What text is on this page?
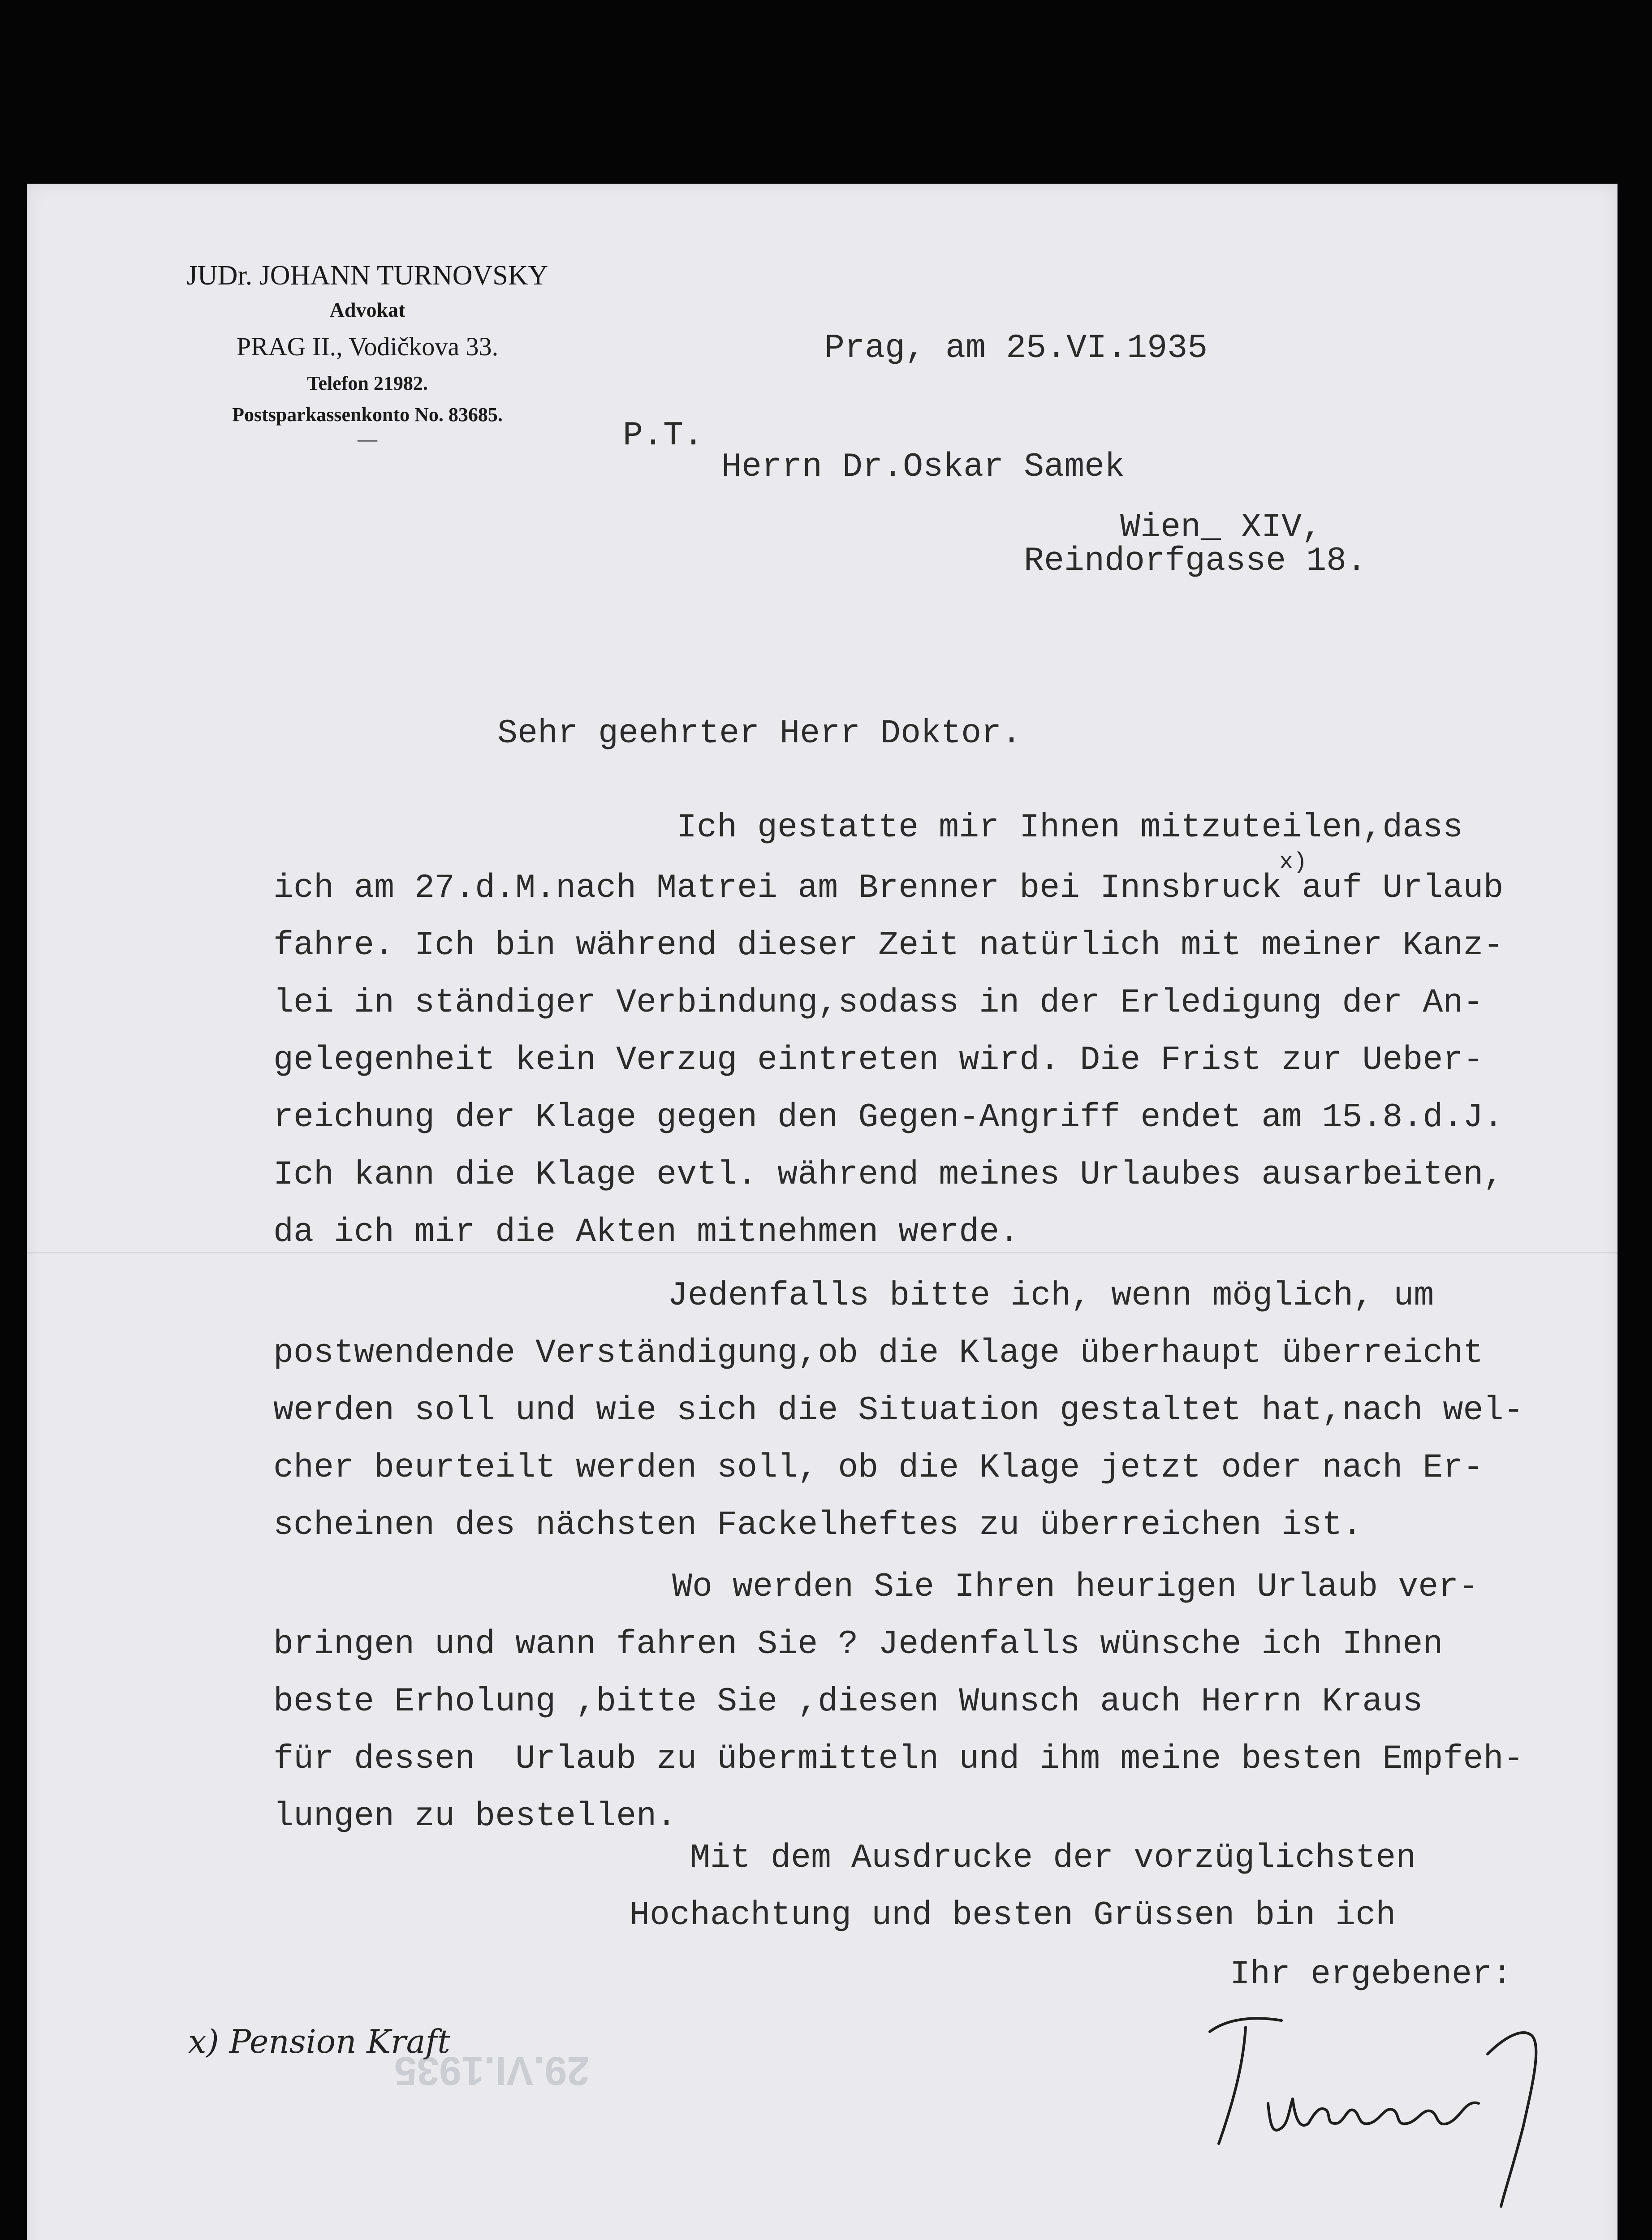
JUDr. JOHANN TURNOVSKY
Advokat
PRAG II., Vodičkova 33.
Telefon 21982.
Postsparkassenkonto No. 83685.
—
Prag, am 25.VI.1935
P.T.
Herrn Dr.Oskar Samek
Wien_ XIV,
Reindorfgasse 18.
Sehr geehrter Herr Doktor.
x)
Ich gestatte mir Ihnen mitzuteilen,dass
ich am 27.d.M.nach Matrei am Brenner bei Innsbruck auf Urlaub
fahre. Ich bin während dieser Zeit natürlich mit meiner Kanz-
lei in ständiger Verbindung,sodass in der Erledigung der An-
gelegenheit kein Verzug eintreten wird. Die Frist zur Ueber-
reichung der Klage gegen den Gegen-Angriff endet am 15.8.d.J.
Ich kann die Klage evtl. während meines Urlaubes ausarbeiten,
da ich mir die Akten mitnehmen werde.
Jedenfalls bitte ich, wenn möglich, um
postwendende Verständigung,ob die Klage überhaupt überreicht
werden soll und wie sich die Situation gestaltet hat,nach wel-
cher beurteilt werden soll, ob die Klage jetzt oder nach Er-
scheinen des nächsten Fackelheftes zu überreichen ist.
Wo werden Sie Ihren heurigen Urlaub ver-
bringen und wann fahren Sie ? Jedenfalls wünsche ich Ihnen
beste Erholung ,bitte Sie ,diesen Wunsch auch Herrn Kraus
für dessen  Urlaub zu übermitteln und ihm meine besten Empfeh-
lungen zu bestellen.
Mit dem Ausdrucke der vorzüglichsten
Hochachtung und besten Grüssen bin ich
Ihr ergebener:
29.VI.1935
x) Pension Kraft
